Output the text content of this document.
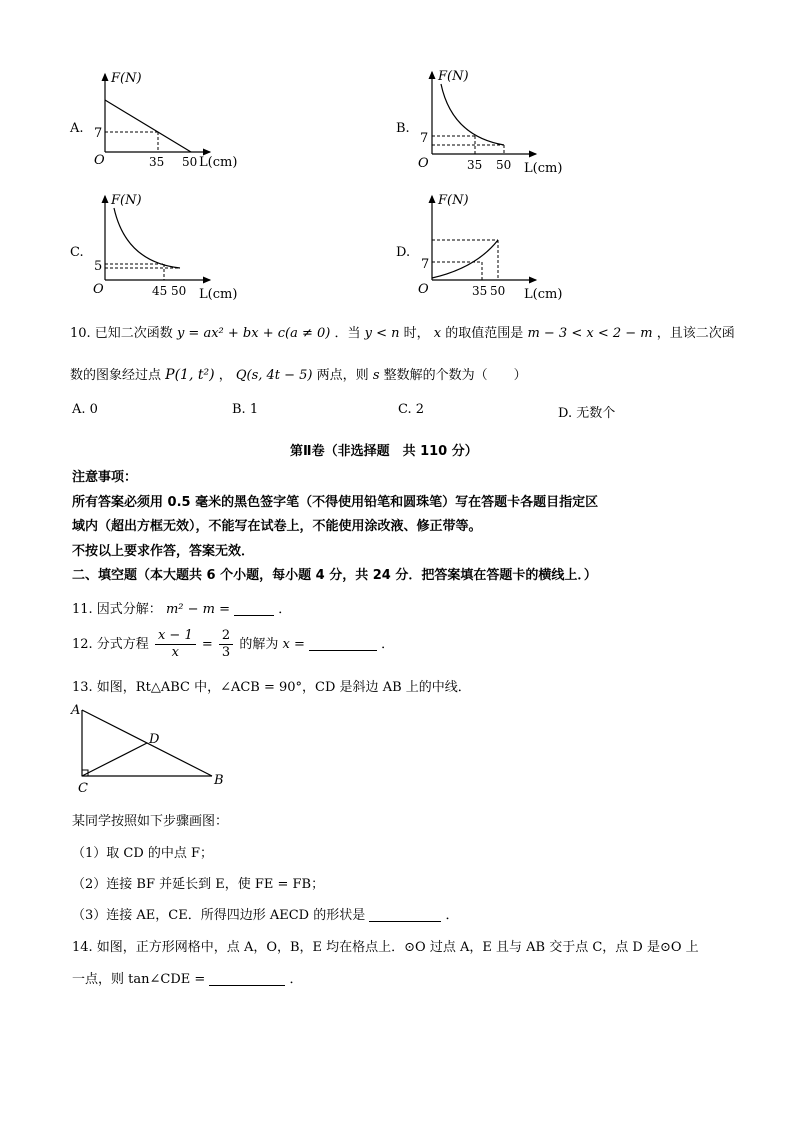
A.
F(N)
7
O	35 50 L(cm)
B.
F(N)
7
O	35 50 L(cm)
C.
F(N)
5
O	45 50 L(cm)
D.
F(N)
7
O	35 50 L(cm)
10. 已知二次函数 y = ax² + bx + c(a ≠ 0) ．当 y < n 时， x 的取值范围是 m − 3 < x < 2 − m ，且该二次函
数的图象经过点 P(1, t²) ， Q(s, 4t − 5) 两点，则 s 整数解的个数为（　　）
A. 0	B. 1	C. 2	D. 无数个
第Ⅱ卷（非选择题　共 110 分）
注意事项：
所有答案必须用 0.5 毫米的黑色签字笔（不得使用铅笔和圆珠笔）写在答题卡各题目指定区
域内（超出方框无效），不能写在试卷上，不能使用涂改液、修正带等。
不按以上要求作答，答案无效．
二、填空题（本大题共 6 个小题，每小题 4 分，共 24 分．把答案填在答题卡的横线上．）
11. 因式分解： m² − m =	．
12. 分式方程 $\frac{x - 1}{x} = \frac{2}{3}$ 的解为 x =	．
13. 如图，Rt△ABC 中，∠ACB = 90°，CD 是斜边 AB 上的中线．
A
D
B
C
某同学按照如下步骤画图：
（1）取 CD 的中点 F；
（2）连接 BF 并延长到 E，使 FE = FB；
（3）连接 AE，CE．所得四边形 AECD 的形状是	．
14. 如图，正方形网格中，点 A，O，B，E 均在格点上．⊙O 过点 A，E 且与 AB 交于点 C，点 D 是⊙O 上
一点，则 tan∠CDE =	．
